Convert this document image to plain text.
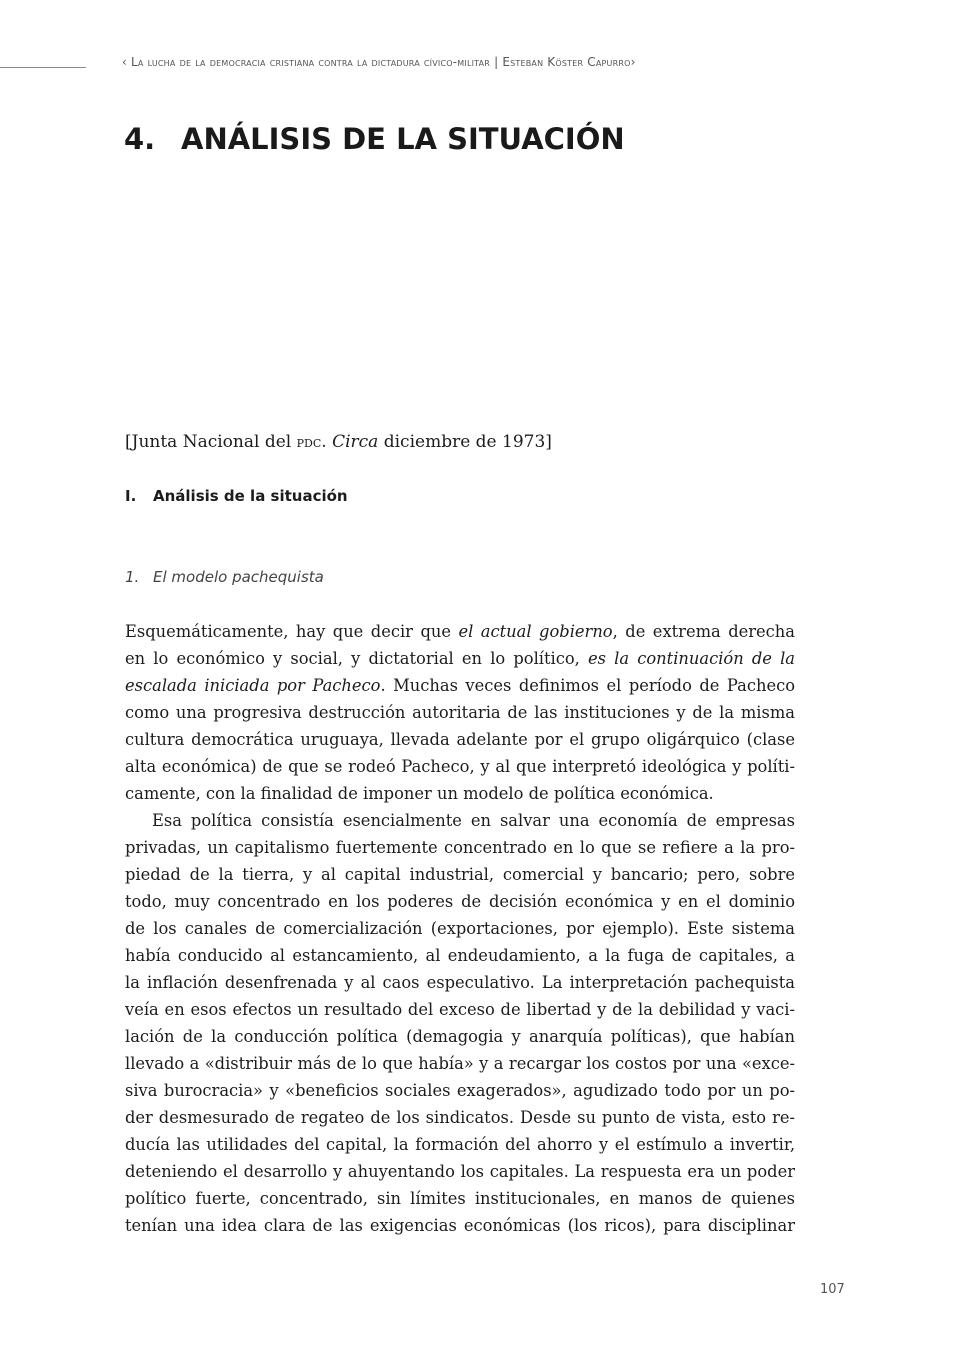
‹ La lucha de la democracia cristiana contra la dictadura cívico-militar | Esteban Köster Capurro›
4. ANÁLISIS DE LA SITUACIÓN
[Junta Nacional del pdc. Circa diciembre de 1973]
I. Análisis de la situación
1. El modelo pachequista
Esquemáticamente, hay que decir que el actual gobierno, de extrema derecha
en lo económico y social, y dictatorial en lo político, es la continuación de la
escalada iniciada por Pacheco. Muchas veces definimos el período de Pacheco
como una progresiva destrucción autoritaria de las instituciones y de la misma
cultura democrática uruguaya, llevada adelante por el grupo oligárquico (clase
alta económica) de que se rodeó Pacheco, y al que interpretó ideológica y políti-
camente, con la finalidad de imponer un modelo de política económica.
Esa política consistía esencialmente en salvar una economía de empresas
privadas, un capitalismo fuertemente concentrado en lo que se refiere a la pro-
piedad de la tierra, y al capital industrial, comercial y bancario; pero, sobre
todo, muy concentrado en los poderes de decisión económica y en el dominio
de los canales de comercialización (exportaciones, por ejemplo). Este sistema
había conducido al estancamiento, al endeudamiento, a la fuga de capitales, a
la inflación desenfrenada y al caos especulativo. La interpretación pachequista
veía en esos efectos un resultado del exceso de libertad y de la debilidad y vaci-
lación de la conducción política (demagogia y anarquía políticas), que habían
llevado a «distribuir más de lo que había» y a recargar los costos por una «exce-
siva burocracia» y «beneficios sociales exagerados», agudizado todo por un po-
der desmesurado de regateo de los sindicatos. Desde su punto de vista, esto re-
ducía las utilidades del capital, la formación del ahorro y el estímulo a invertir,
deteniendo el desarrollo y ahuyentando los capitales. La respuesta era un poder
político fuerte, concentrado, sin límites institucionales, en manos de quienes
tenían una idea clara de las exigencias económicas (los ricos), para disciplinar
107
